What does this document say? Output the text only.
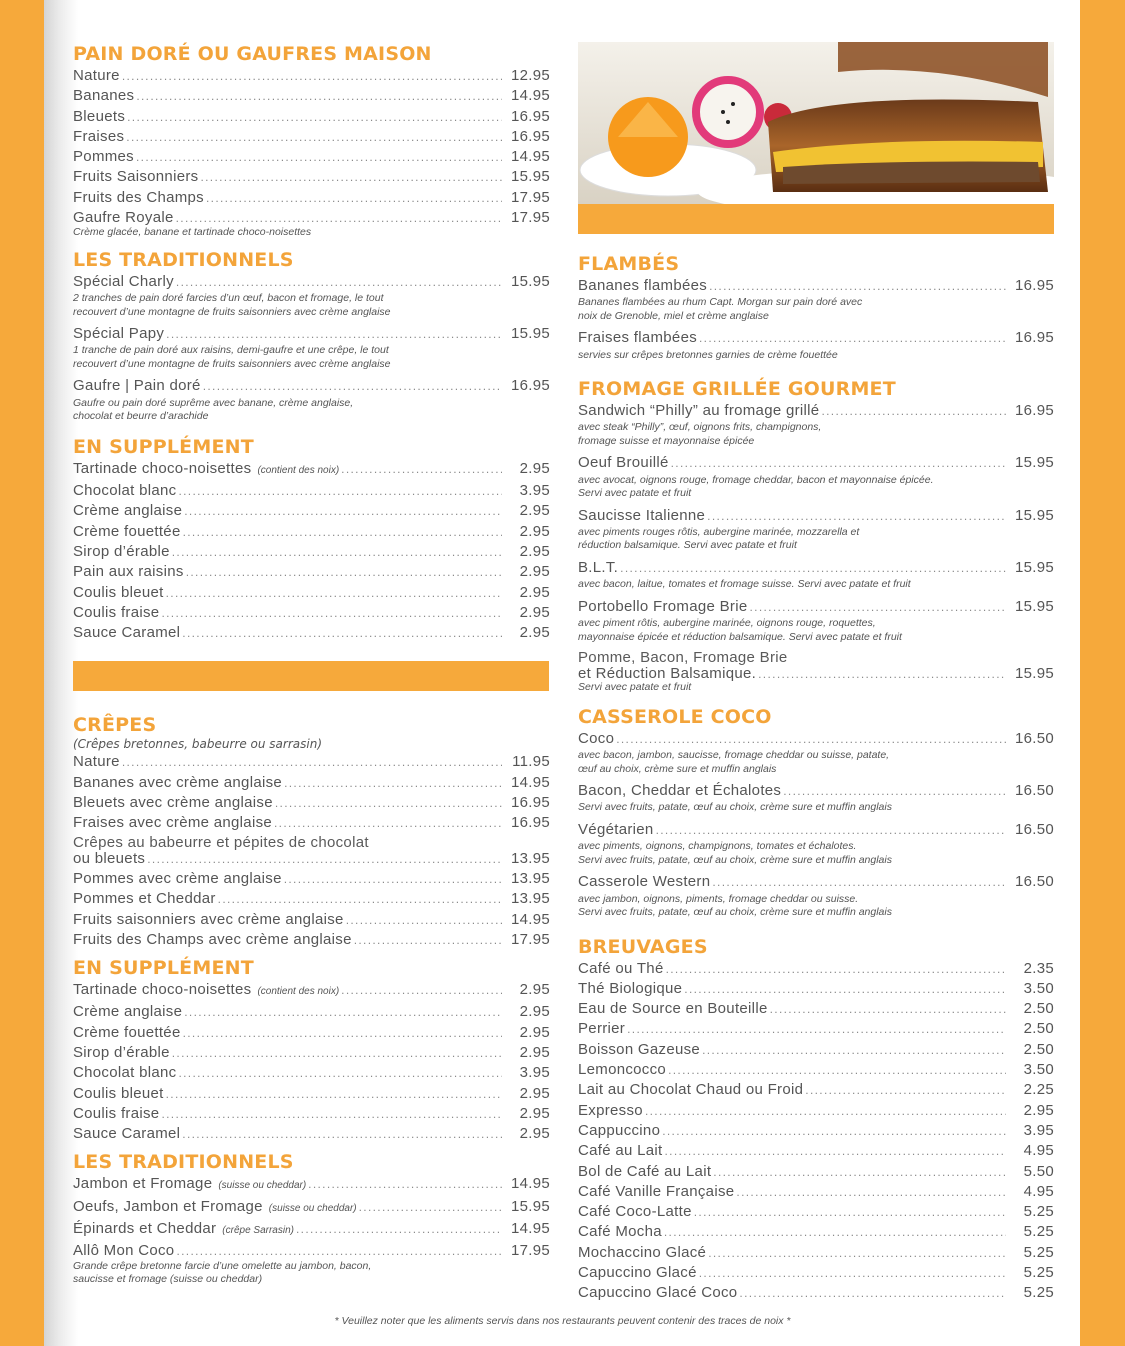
PAIN DORÉ OU GAUFRES MAISON
Nature . . .	12.95
Bananes . . .	14.95
Bleuets . . .	16.95
Fraises . . .	16.95
Pommes . . .	14.95
Fruits Saisonniers . . .	15.95
Fruits des Champs . . .	17.95
Gaufre Royale . . .	17.95
Crème glacée, banane et tartinade choco-noisettes
LES TRADITIONNELS
Spécial Charly . . .	15.95
2 tranches de pain doré farcies d’un œuf, bacon et fromage, le tout
recouvert d’une montagne de fruits saisonniers avec crème anglaise
Spécial Papy . . .	15.95
1 tranche de pain doré aux raisins, demi-gaufre et une crêpe, le tout
recouvert d’une montagne de fruits saisonniers avec crème anglaise
Gaufre | Pain doré . . .	16.95
Gaufre ou pain doré suprême avec banane, crème anglaise,
chocolat et beurre d’arachide
EN SUPPLÉMENT
Tartinade choco-noisettes (contient des noix) . . .	2.95
Chocolat blanc . . .	3.95
Crème anglaise . . .	2.95
Crème fouettée . . .	2.95
Sirop d’érable . . .	2.95
Pain aux raisins . . .	2.95
Coulis bleuet . . .	2.95
Coulis fraise . . .	2.95
Sauce Caramel . . .	2.95
CRÊPES
(Crêpes bretonnes, babeurre ou sarrasin)
Nature . . .	11.95
Bananes avec crème anglaise . . .	14.95
Bleuets avec crème anglaise . . .	16.95
Fraises avec crème anglaise . . .	16.95
Crêpes au babeurre et pépites de chocolat
ou bleuets . . .	13.95
Pommes avec crème anglaise . . .	13.95
Pommes et Cheddar . . .	13.95
Fruits saisonniers avec crème anglaise . . .	14.95
Fruits des Champs avec crème anglaise . . .	17.95
EN SUPPLÉMENT
Tartinade choco-noisettes (contient des noix) . . .	2.95
Crème anglaise . . .	2.95
Crème fouettée . . .	2.95
Sirop d’érable . . .	2.95
Chocolat blanc . . .	3.95
Coulis bleuet . . .	2.95
Coulis fraise . . .	2.95
Sauce Caramel . . .	2.95
LES TRADITIONNELS
Jambon et Fromage (suisse ou cheddar) . . .	14.95
Oeufs, Jambon et Fromage (suisse ou cheddar) . . .	15.95
Épinards et Cheddar (crêpe Sarrasin) . . .	14.95
Allô Mon Coco . . .	17.95
Grande crêpe bretonne farcie d’une omelette au jambon, bacon,
saucisse et fromage (suisse ou cheddar)
FLAMBÉS
Bananes flambées . . .	16.95
Bananes flambées au rhum Capt. Morgan sur pain doré avec
noix de Grenoble, miel et crème anglaise
Fraises flambées . . .	16.95
servies sur crêpes bretonnes garnies de crème fouettée
FROMAGE GRILLÉE GOURMET
Sandwich “Philly” au fromage grillé . . .	16.95
avec steak “Philly”, œuf, oignons frits, champignons,
fromage suisse et mayonnaise épicée
Oeuf Brouillé . . .	15.95
avec avocat, oignons rouge, fromage cheddar, bacon et mayonnaise épicée.
Servi avec patate et fruit
Saucisse Italienne . . .	15.95
avec piments rouges rôtis, aubergine marinée, mozzarella et
réduction balsamique. Servi avec patate et fruit
B.L.T. . . .	15.95
avec bacon, laitue, tomates et fromage suisse. Servi avec patate et fruit
Portobello Fromage Brie . . .	15.95
avec piment rôtis, aubergine marinée, oignons rouge, roquettes,
mayonnaise épicée et réduction balsamique. Servi avec patate et fruit
Pomme, Bacon, Fromage Brie
et Réduction Balsamique. . . .	15.95
Servi avec patate et fruit
CASSEROLE COCO
Coco . . .	16.50
avec bacon, jambon, saucisse, fromage cheddar ou suisse, patate,
œuf au choix, crème sure et muffin anglais
Bacon, Cheddar et Échalotes . . .	16.50
Servi avec fruits, patate, œuf au choix, crème sure et muffin anglais
Végétarien . . .	16.50
avec piments, oignons, champignons, tomates et échalotes.
Servi avec fruits, patate, œuf au choix, crème sure et muffin anglais
Casserole Western . . .	16.50
avec jambon, oignons, piments, fromage cheddar ou suisse.
Servi avec fruits, patate, œuf au choix, crème sure et muffin anglais
BREUVAGES
Café ou Thé . . .	2.35
Thé Biologique . . .	3.50
Eau de Source en Bouteille . . .	2.50
Perrier . . .	2.50
Boisson Gazeuse . . .	2.50
Lemoncocco . . .	3.50
Lait au Chocolat Chaud ou Froid . . .	2.25
Expresso . . .	2.95
Cappuccino . . .	3.95
Café au Lait . . .	4.95
Bol de Café au Lait . . .	5.50
Café Vanille Française . . .	4.95
Café Coco-Latte . . .	5.25
Café Mocha . . .	5.25
Mochaccino Glacé . . .	5.25
Capuccino Glacé . . .	5.25
Capuccino Glacé Coco . . .	5.25
* Veuillez noter que les aliments servis dans nos restaurants peuvent contenir des traces de noix *
